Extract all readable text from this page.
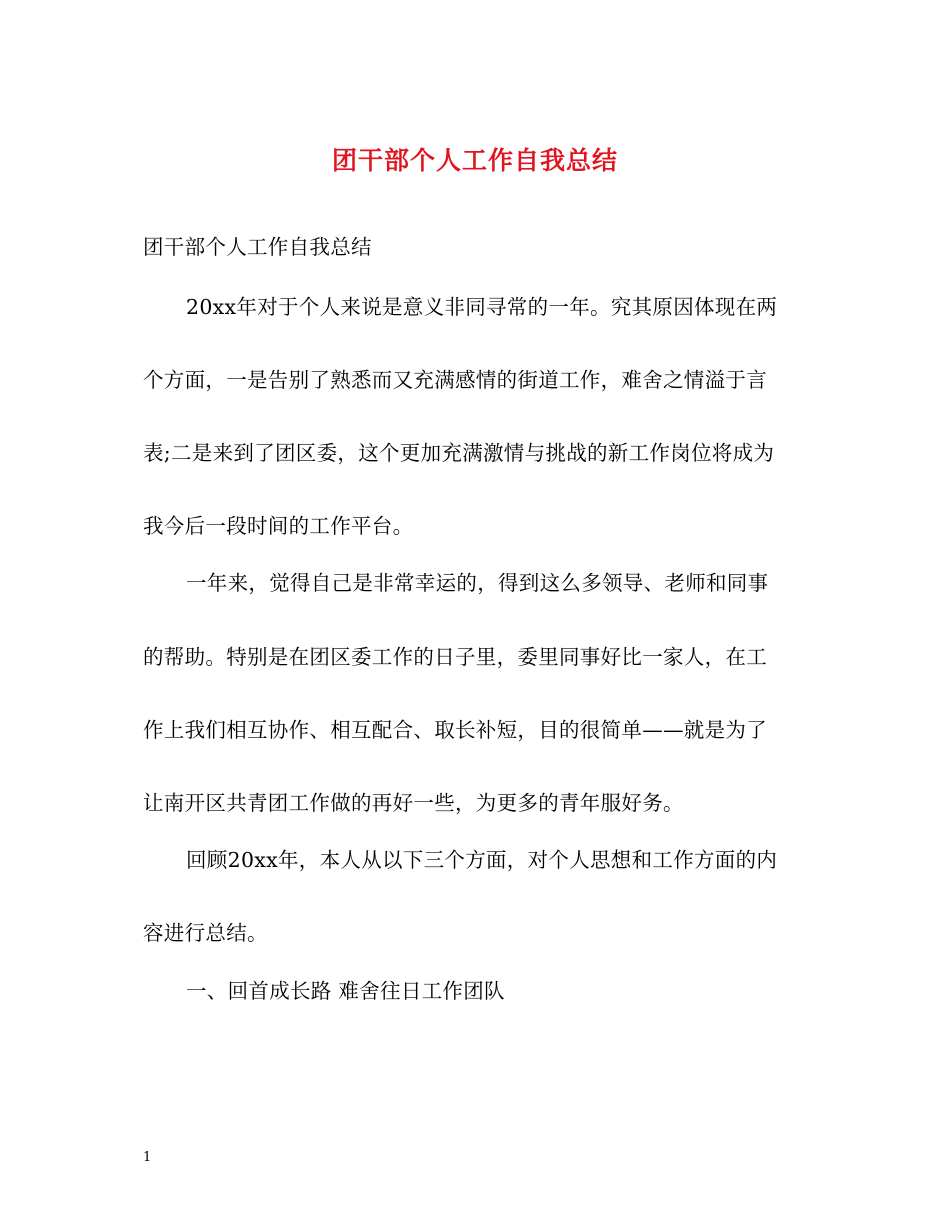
团干部个人工作自我总结
团干部个人工作自我总结
20xx年对于个人来说是意义非同寻常的一年。究其原因体现在两
个方面，一是告别了熟悉而又充满感情的街道工作，难舍之情溢于言
表;二是来到了团区委，这个更加充满激情与挑战的新工作岗位将成为
我今后一段时间的工作平台。
一年来，觉得自己是非常幸运的，得到这么多领导、老师和同事
的帮助。特别是在团区委工作的日子里，委里同事好比一家人，在工
作上我们相互协作、相互配合、取长补短，目的很简单——就是为了
让南开区共青团工作做的再好一些，为更多的青年服好务。
回顾20xx年，本人从以下三个方面，对个人思想和工作方面的内
容进行总结。
一、回首成长路 难舍往日工作团队
1
